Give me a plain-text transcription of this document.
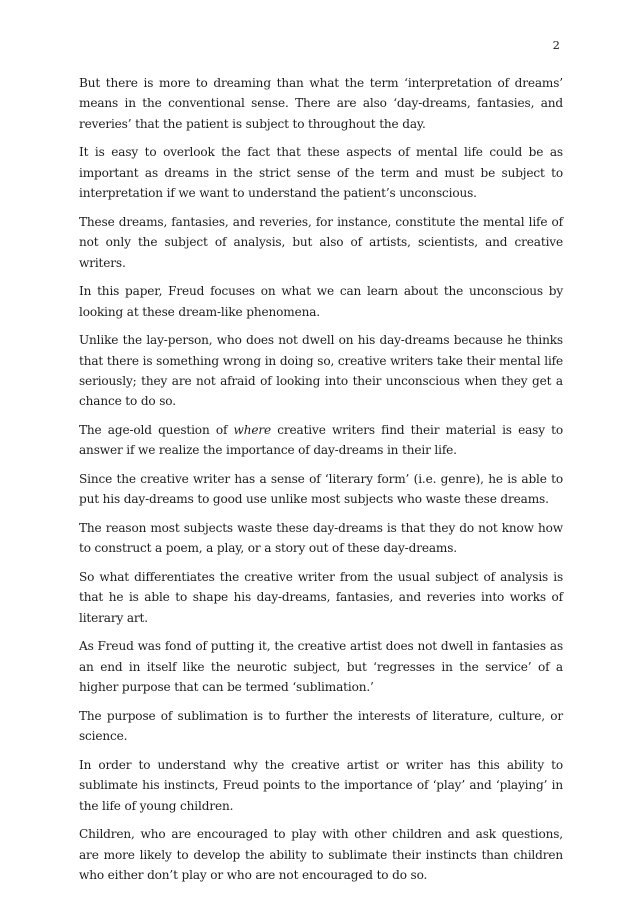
2

But there is more to dreaming than what the term ‘interpretation of dreams’ means in the conventional sense. There are also ‘day-dreams, fantasies, and reveries’ that the patient is subject to throughout the day.

It is easy to overlook the fact that these aspects of mental life could be as important as dreams in the strict sense of the term and must be subject to interpretation if we want to understand the patient’s unconscious.

These dreams, fantasies, and reveries, for instance, constitute the mental life of not only the subject of analysis, but also of artists, scientists, and creative writers.

In this paper, Freud focuses on what we can learn about the unconscious by looking at these dream-like phenomena.

Unlike the lay-person, who does not dwell on his day-dreams because he thinks that there is something wrong in doing so, creative writers take their mental life seriously; they are not afraid of looking into their unconscious when they get a chance to do so.

The age-old question of where creative writers find their material is easy to answer if we realize the importance of day-dreams in their life.

Since the creative writer has a sense of ‘literary form’ (i.e. genre), he is able to put his day-dreams to good use unlike most subjects who waste these dreams.

The reason most subjects waste these day-dreams is that they do not know how to construct a poem, a play, or a story out of these day-dreams.

So what differentiates the creative writer from the usual subject of analysis is that he is able to shape his day-dreams, fantasies, and reveries into works of literary art.

As Freud was fond of putting it, the creative artist does not dwell in fantasies as an end in itself like the neurotic subject, but ‘regresses in the service’ of a higher purpose that can be termed ‘sublimation.’

The purpose of sublimation is to further the interests of literature, culture, or science.

In order to understand why the creative artist or writer has this ability to sublimate his instincts, Freud points to the importance of ‘play’ and ‘playing’ in the life of young children.

Children, who are encouraged to play with other children and ask questions, are more likely to develop the ability to sublimate their instincts than children who either don’t play or who are not encouraged to do so.
